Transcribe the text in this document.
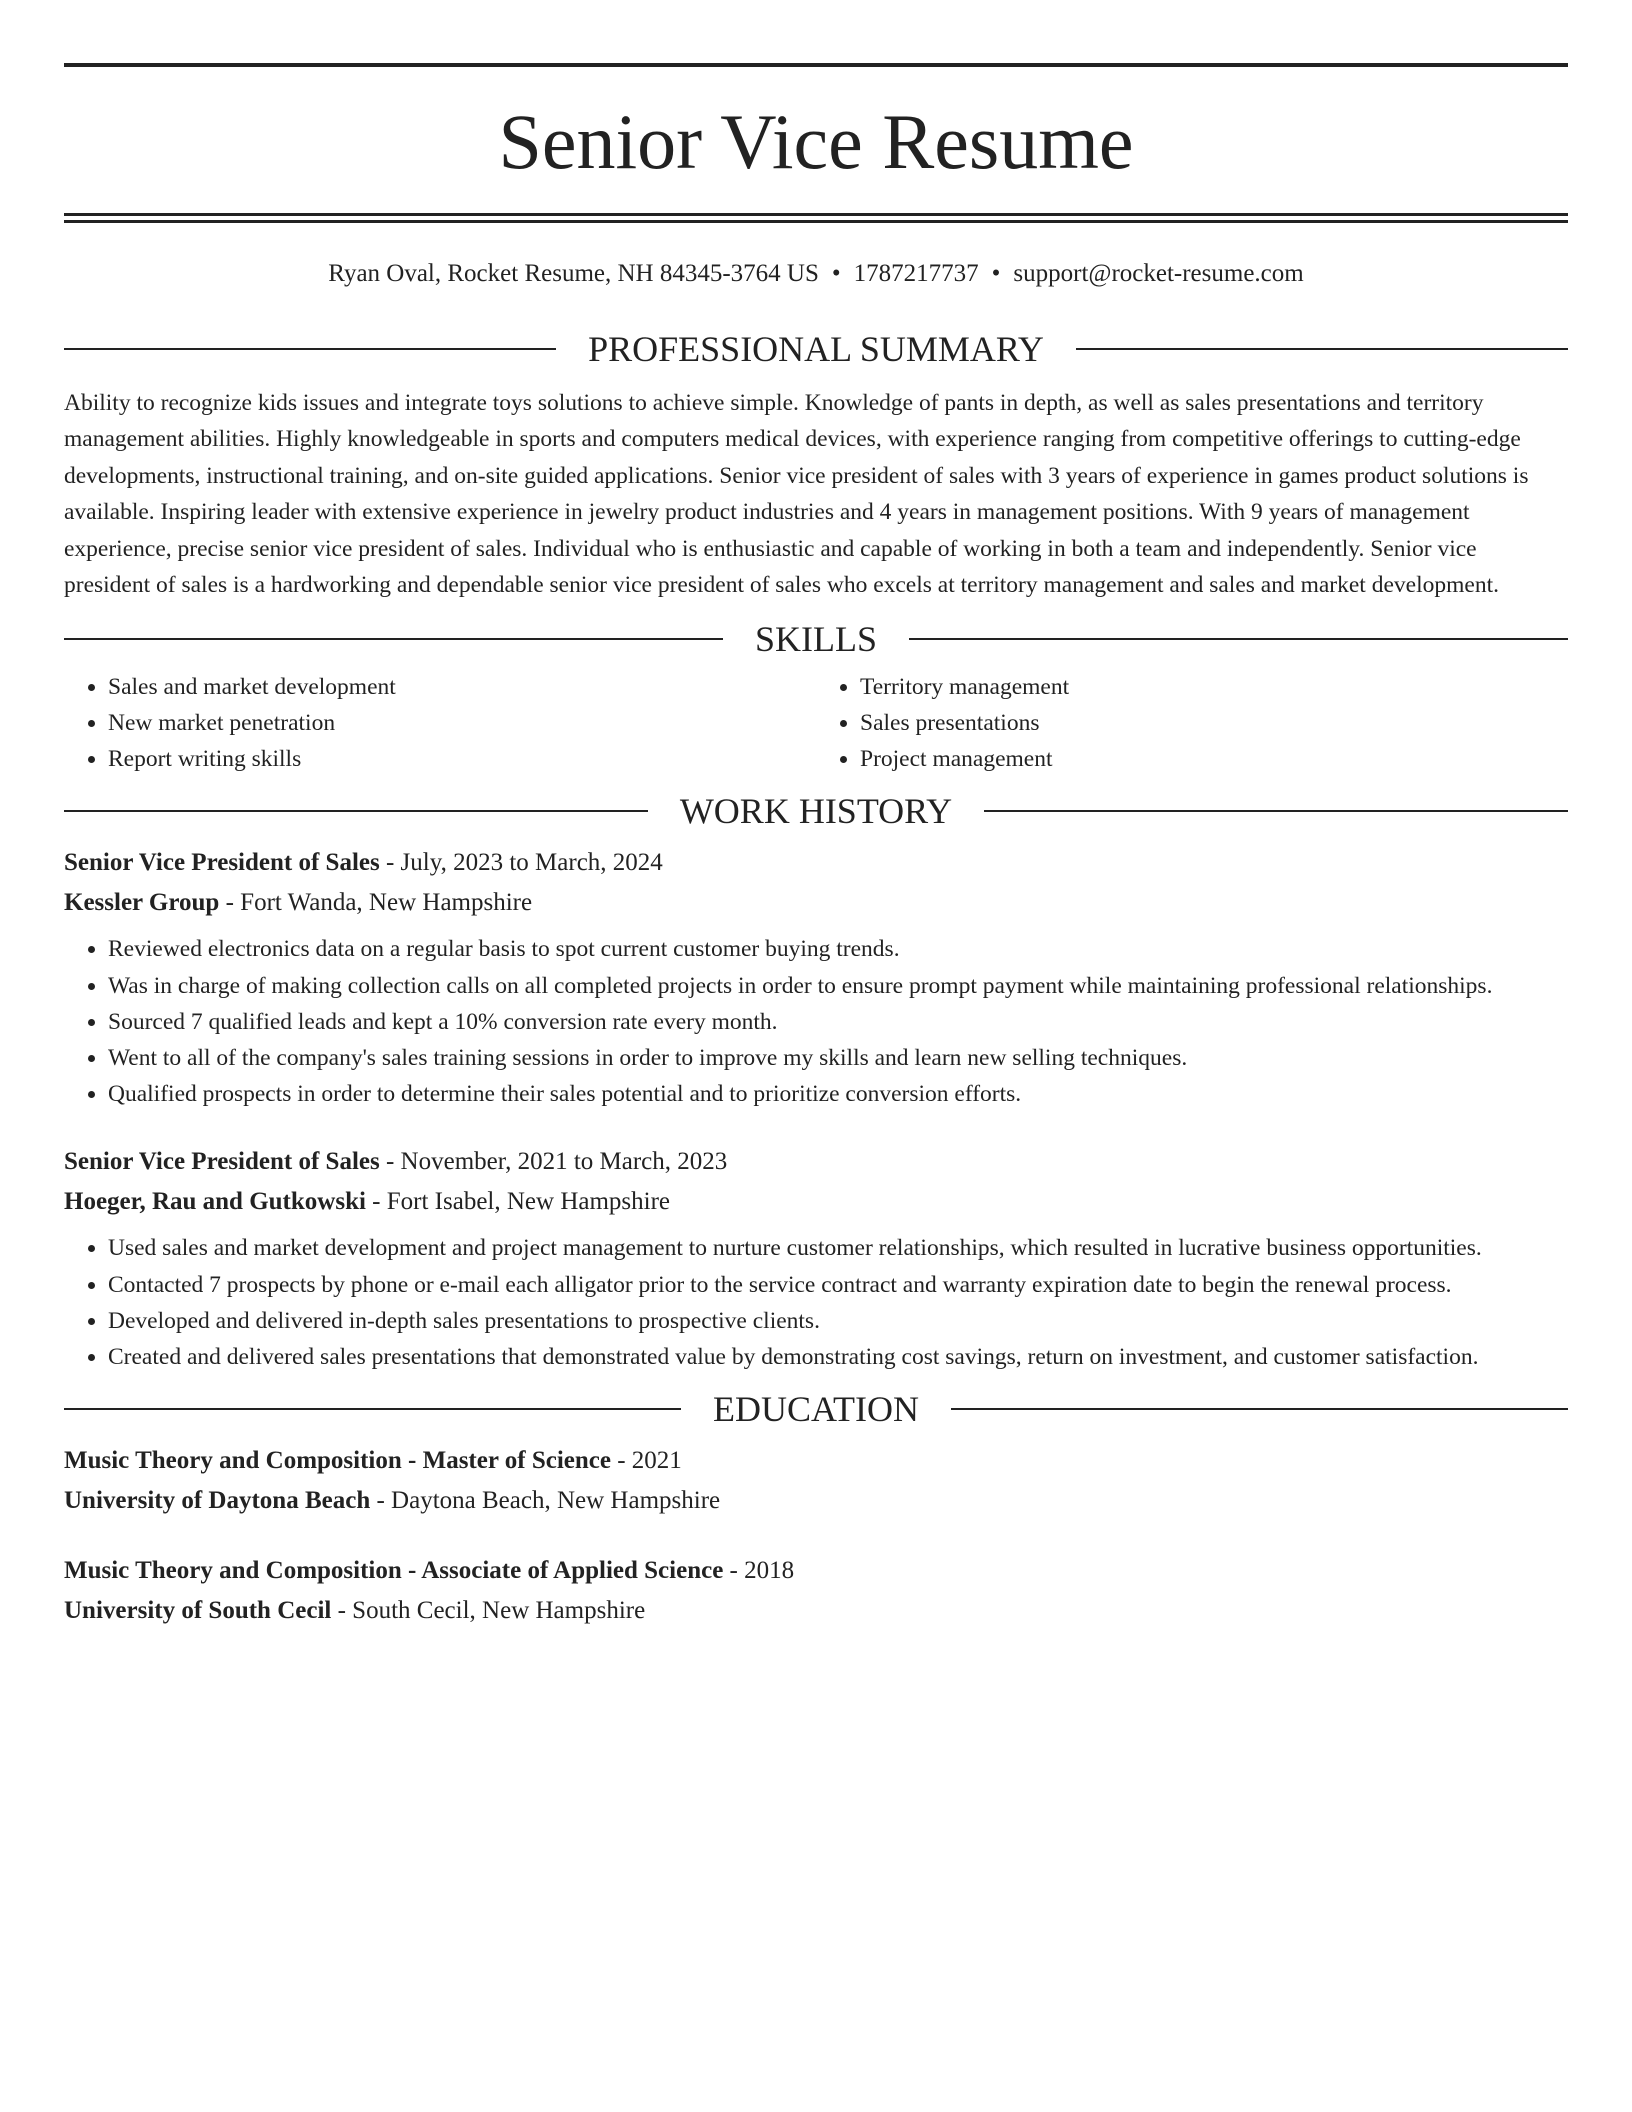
Senior Vice Resume
Ryan Oval, Rocket Resume, NH 84345-3764 US • 1787217737 • support@rocket-resume.com
PROFESSIONAL SUMMARY

Ability to recognize kids issues and integrate toys solutions to achieve simple. Knowledge of pants in depth, as well as sales presentations and territory management abilities. Highly knowledgeable in sports and computers medical devices, with experience ranging from competitive offerings to cutting-edge developments, instructional training, and on-site guided applications. Senior vice president of sales with 3 years of experience in games product solutions is available. Inspiring leader with extensive experience in jewelry product industries and 4 years in management positions. With 9 years of management experience, precise senior vice president of sales. Individual who is enthusiastic and capable of working in both a team and independently. Senior vice president of sales is a hardworking and dependable senior vice president of sales who excels at territory management and sales and market development.

SKILLS
• Sales and market development
• New market penetration
• Report writing skills
• Territory management
• Sales presentations
• Project management
WORK HISTORY
Senior Vice President of Sales - July, 2023 to March, 2024
Kessler Group - Fort Wanda, New Hampshire
• Reviewed electronics data on a regular basis to spot current customer buying trends.
• Was in charge of making collection calls on all completed projects in order to ensure prompt payment while maintaining professional relationships.
• Sourced 7 qualified leads and kept a 10% conversion rate every month.
• Went to all of the company's sales training sessions in order to improve my skills and learn new selling techniques.
• Qualified prospects in order to determine their sales potential and to prioritize conversion efforts.
Senior Vice President of Sales - November, 2021 to March, 2023
Hoeger, Rau and Gutkowski - Fort Isabel, New Hampshire
• Used sales and market development and project management to nurture customer relationships, which resulted in lucrative business opportunities.
• Contacted 7 prospects by phone or e-mail each alligator prior to the service contract and warranty expiration date to begin the renewal process.
• Developed and delivered in-depth sales presentations to prospective clients.
• Created and delivered sales presentations that demonstrated value by demonstrating cost savings, return on investment, and customer satisfaction.
EDUCATION
Music Theory and Composition - Master of Science - 2021
University of Daytona Beach - Daytona Beach, New Hampshire
Music Theory and Composition - Associate of Applied Science - 2018
University of South Cecil - South Cecil, New Hampshire
